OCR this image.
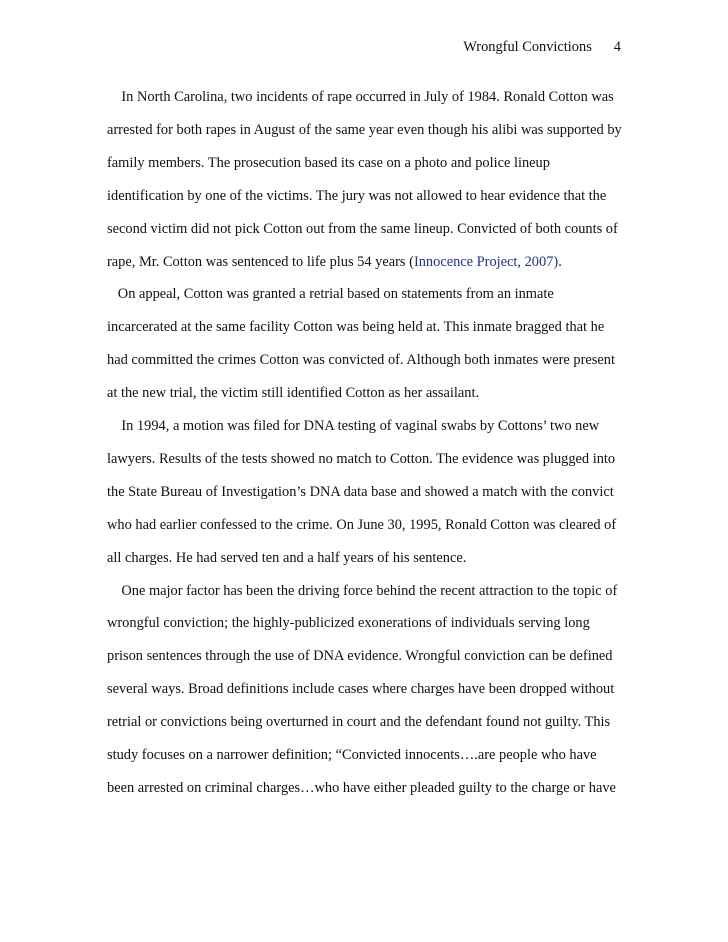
Wrongful Convictions 4
In North Carolina, two incidents of rape occurred in July of 1984. Ronald Cotton was
arrested for both rapes in August of the same year even though his alibi was supported by
family members. The prosecution based its case on a photo and police lineup
identification by one of the victims. The jury was not allowed to hear evidence that the
second victim did not pick Cotton out from the same lineup. Convicted of both counts of
rape, Mr. Cotton was sentenced to life plus 54 years (Innocence Project, 2007).
On appeal, Cotton was granted a retrial based on statements from an inmate
incarcerated at the same facility Cotton was being held at. This inmate bragged that he
had committed the crimes Cotton was convicted of. Although both inmates were present
at the new trial, the victim still identified Cotton as her assailant.
In 1994, a motion was filed for DNA testing of vaginal swabs by Cottons’ two new
lawyers. Results of the tests showed no match to Cotton. The evidence was plugged into
the State Bureau of Investigation’s DNA data base and showed a match with the convict
who had earlier confessed to the crime. On June 30, 1995, Ronald Cotton was cleared of
all charges. He had served ten and a half years of his sentence.
One major factor has been the driving force behind the recent attraction to the topic of
wrongful conviction; the highly-publicized exonerations of individuals serving long
prison sentences through the use of DNA evidence. Wrongful conviction can be defined
several ways. Broad definitions include cases where charges have been dropped without
retrial or convictions being overturned in court and the defendant found not guilty. This
study focuses on a narrower definition; “Convicted innocents….are people who have
been arrested on criminal charges…who have either pleaded guilty to the charge or have
